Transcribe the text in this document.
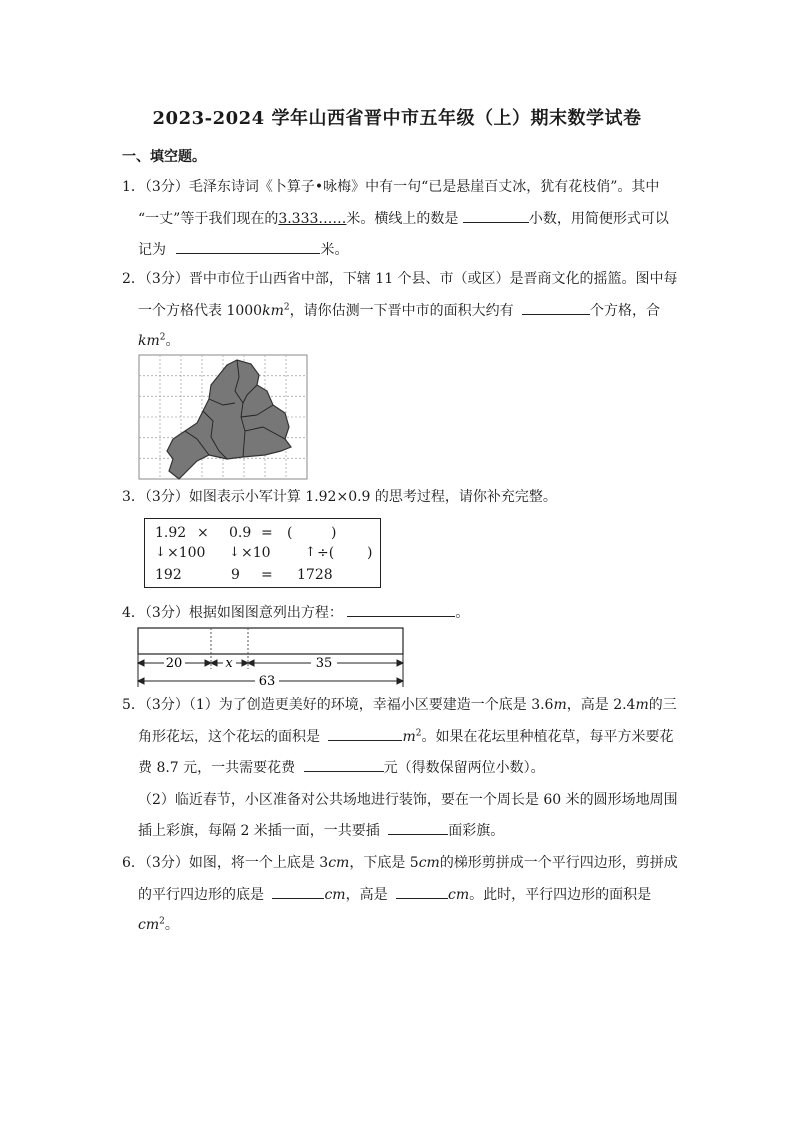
2023-2024 学年山西省晋中市五年级（上）期末数学试卷
一、填空题。
1．（3分）毛泽东诗词《卜算子•咏梅》中有一句“已是悬崖百丈冰，犹有花枝俏”。其中
“一丈”等于我们现在的3.333……米。横线上的数是	小数，用简便形式可以
记为	米。
2．（3分）晋中市位于山西省中部，下辖 11 个县、市（或区）是晋商文化的摇篮。图中每
一个方格代表 $1000km^2$，请你估测一下晋中市的面积大约有	个方格，合
$km^2$。
3．（3分）如图表示小军计算 1.92×0.9 的思考过程，请你补充完整。
1.92 × 0.9 = (	)
↓ ×100 ↓ ×10	↑ ÷( )
192	9 = 1728
4．（3分）根据如图图意列出方程：	。
20	x	35
63
5．（3分）（1）为了创造更美好的环境，幸福小区要建造一个底是 3.6m，高是 2.4m的三
角形花坛，这个花坛的面积是	$m^2$。如果在花坛里种植花草，每平方米要花
费 8.7 元，一共需要花费	元（得数保留两位小数）。
（2）临近春节，小区准备对公共场地进行装饰，要在一个周长是 60 米的圆形场地周围
插上彩旗，每隔 2 米插一面，一共要插	面彩旗。
6．（3分）如图，将一个上底是 3cm，下底是 5cm的梯形剪拼成一个平行四边形，剪拼成
的平行四边形的底是	cm，高是	cm。此时，平行四边形的面积是
$cm^2$。
